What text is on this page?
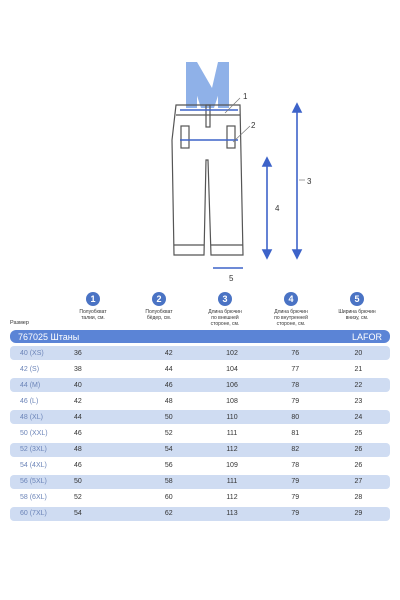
1
2
3
4
5
Размер
1
Полуобхват
талии, см.
2
Полуобхват
бёдер, см.
3
Длина брючин
по внешней
стороне, см.
4
Длина брючин
по внутренней
стороне, см.
5
Ширина брючин
внизу, см.
767025 Штаны	LAFOR
40 (XS)	36	42	102	76	20
42 (S)	38	44	104	77	21
44 (M)	40	46	106	78	22
46 (L)	42	48	108	79	23
48 (XL)	44	50	110	80	24
50 (XXL)	46	52	111	81	25
52 (3XL)	48	54	112	82	26
54 (4XL)	46	56	109	78	26
56 (5XL)	50	58	111	79	27
58 (6XL)	52	60	112	79	28
60 (7XL)	54	62	113	79	29
